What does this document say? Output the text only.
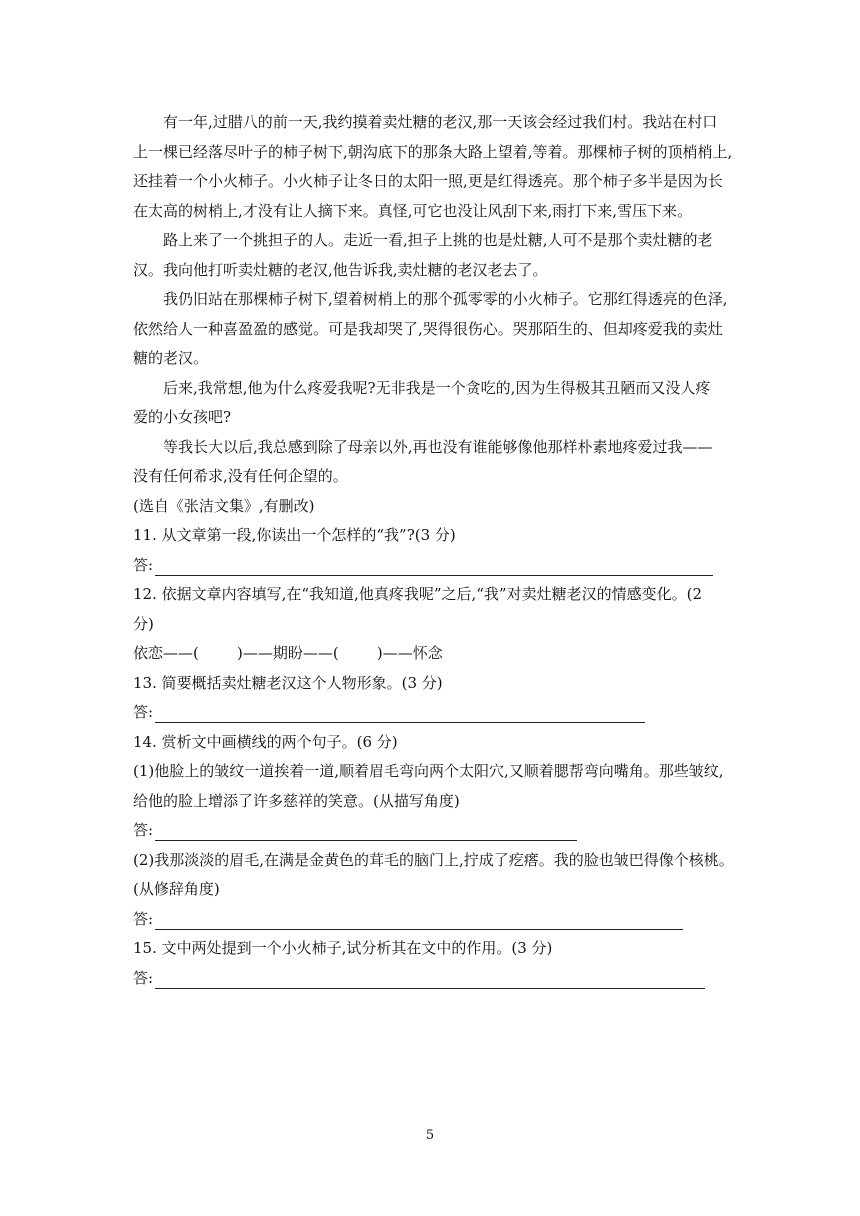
有一年,过腊八的前一天,我约摸着卖灶糖的老汉,那一天该会经过我们村。我站在村口
上一棵已经落尽叶子的柿子树下,朝沟底下的那条大路上望着,等着。那棵柿子树的顶梢梢上,
还挂着一个小火柿子。小火柿子让冬日的太阳一照,更是红得透亮。那个柿子多半是因为长
在太高的树梢上,才没有让人摘下来。真怪,可它也没让风刮下来,雨打下来,雪压下来。
路上来了一个挑担子的人。走近一看,担子上挑的也是灶糖,人可不是那个卖灶糖的老
汉。我向他打听卖灶糖的老汉,他告诉我,卖灶糖的老汉老去了。
我仍旧站在那棵柿子树下,望着树梢上的那个孤零零的小火柿子。它那红得透亮的色泽,
依然给人一种喜盈盈的感觉。可是我却哭了,哭得很伤心。哭那陌生的、但却疼爱我的卖灶
糖的老汉。
后来,我常想,他为什么疼爱我呢?无非我是一个贪吃的,因为生得极其丑陋而又没人疼
爱的小女孩吧?
等我长大以后,我总感到除了母亲以外,再也没有谁能够像他那样朴素地疼爱过我——
没有任何希求,没有任何企望的。
(选自《张洁文集》,有删改)
11. 从文章第一段,你读出一个怎样的“我”?(3 分)
答:
12. 依据文章内容填写,在“我知道,他真疼我呢”之后,“我”对卖灶糖老汉的情感变化。(2
分)
依恋——(        )——期盼——(        )——怀念
13. 简要概括卖灶糖老汉这个人物形象。(3 分)
答:
14. 赏析文中画横线的两个句子。(6 分)
(1)他脸上的皱纹一道挨着一道,顺着眉毛弯向两个太阳穴,又顺着腮帮弯向嘴角。那些皱纹,
给他的脸上增添了许多慈祥的笑意。(从描写角度)
答:
(2)我那淡淡的眉毛,在满是金黄色的茸毛的脑门上,拧成了疙瘩。我的脸也皱巴得像个核桃。
(从修辞角度)
答:
15. 文中两处提到一个小火柿子,试分析其在文中的作用。(3 分)
答:
5
